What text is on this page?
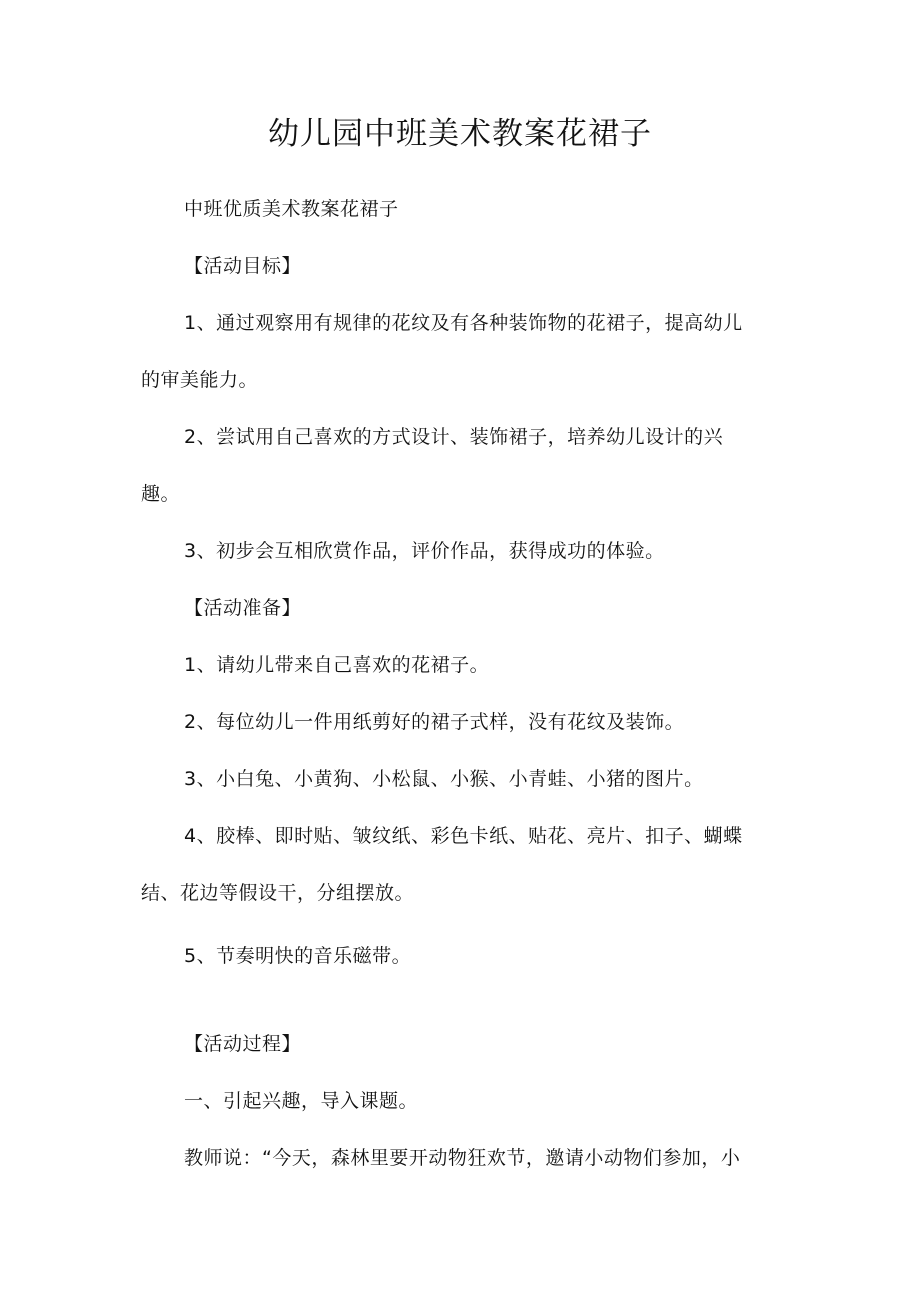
幼儿园中班美术教案花裙子
中班优质美术教案花裙子
【活动目标】
1、通过观察用有规律的花纹及有各种装饰物的花裙子，提高幼儿
的审美能力。
2、尝试用自己喜欢的方式设计、装饰裙子，培养幼儿设计的兴
趣。
3、初步会互相欣赏作品，评价作品，获得成功的体验。
【活动准备】
1、请幼儿带来自己喜欢的花裙子。
2、每位幼儿一件用纸剪好的裙子式样，没有花纹及装饰。
3、小白兔、小黄狗、小松鼠、小猴、小青蛙、小猪的图片。
4、胶棒、即时贴、皱纹纸、彩色卡纸、贴花、亮片、扣子、蝴蝶
结、花边等假设干，分组摆放。
5、节奏明快的音乐磁带。
【活动过程】
一、引起兴趣，导入课题。
教师说：“今天，森林里要开动物狂欢节，邀请小动物们参加，小
